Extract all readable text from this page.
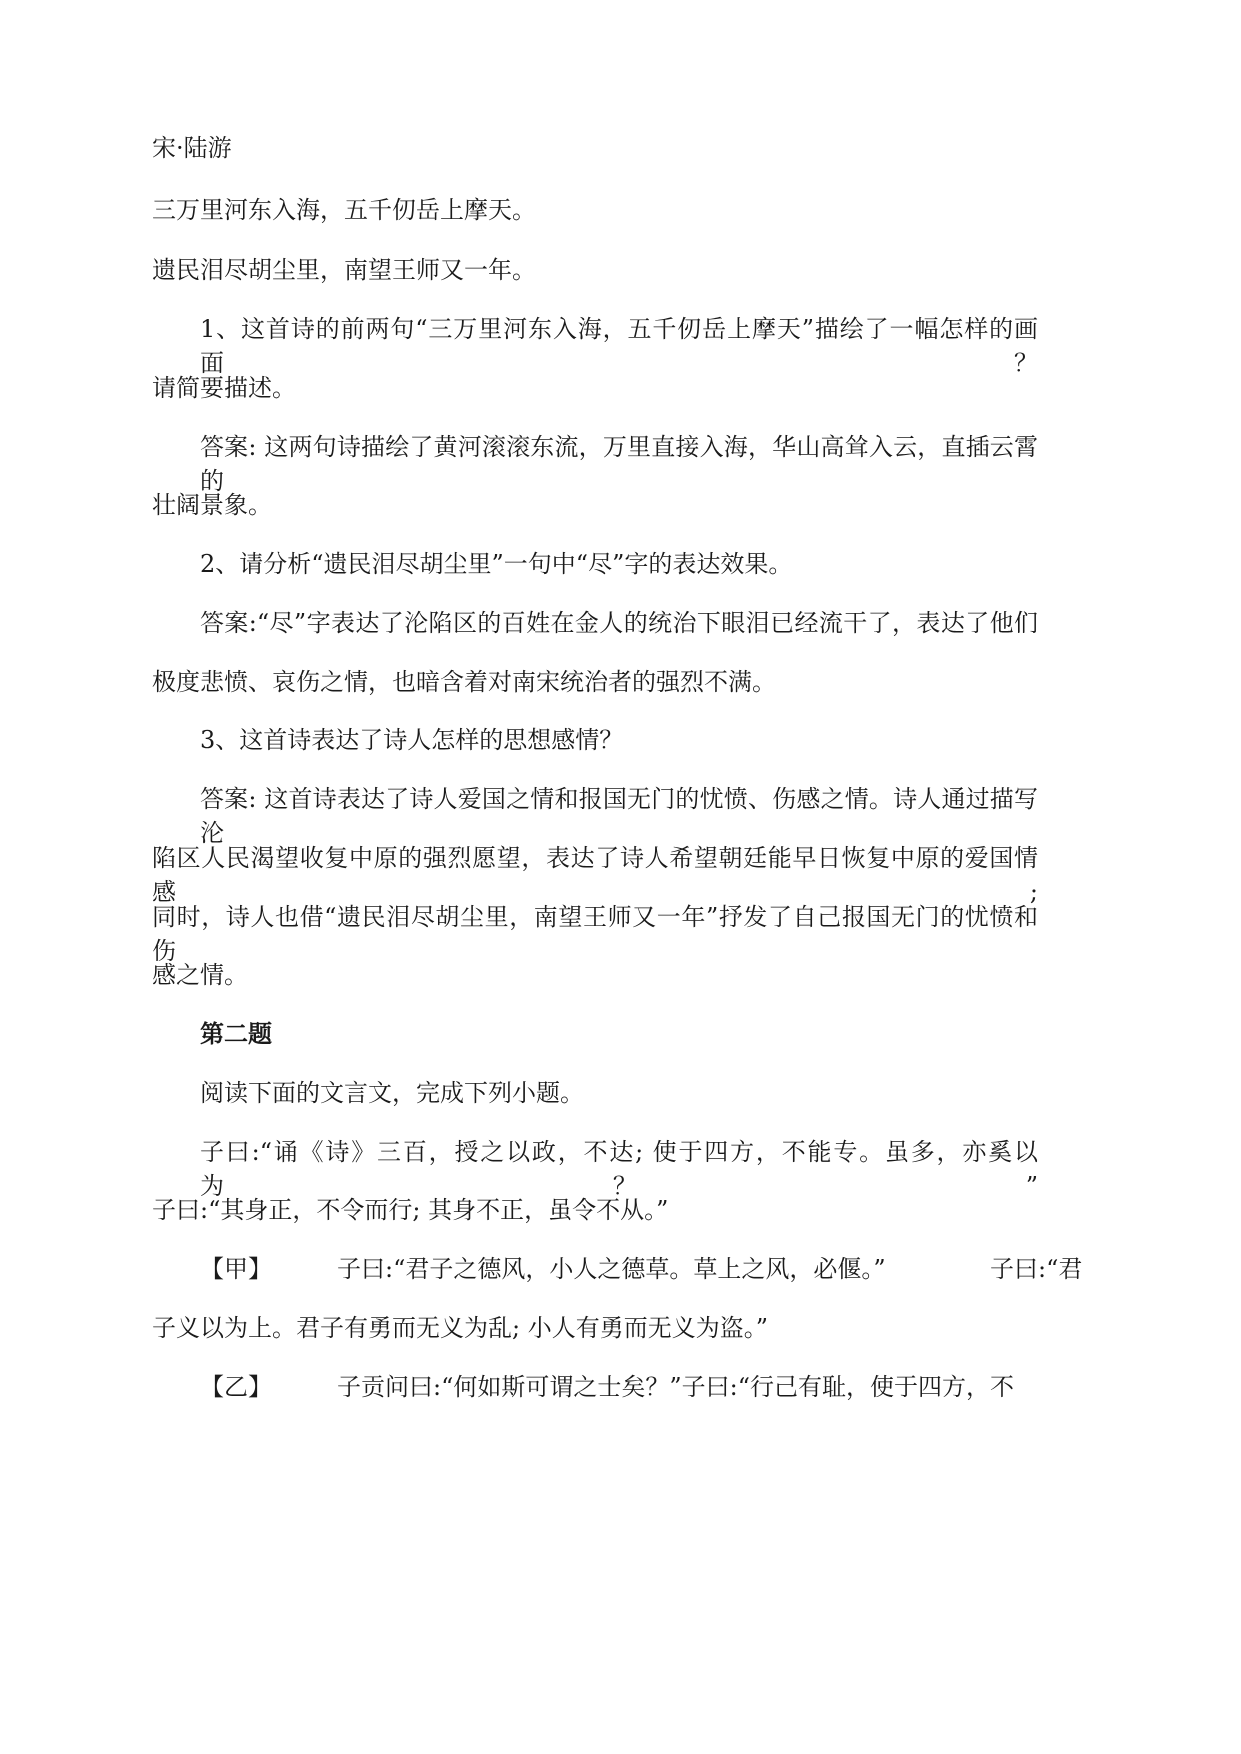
宋·陆游
三万里河东入海，五千仞岳上摩天。
遗民泪尽胡尘里，南望王师又一年。
1、这首诗的前两句“三万里河东入海，五千仞岳上摩天”描绘了一幅怎样的画面？
请简要描述。
答案: 这两句诗描绘了黄河滚滚东流，万里直接入海，华山高耸入云，直插云霄的
壮阔景象。
2、请分析“遗民泪尽胡尘里”一句中“尽”字的表达效果。
答案:“尽”字表达了沦陷区的百姓在金人的统治下眼泪已经流干了，表达了他们
极度悲愤、哀伤之情，也暗含着对南宋统治者的强烈不满。
3、这首诗表达了诗人怎样的思想感情？
答案: 这首诗表达了诗人爱国之情和报国无门的忧愤、伤感之情。诗人通过描写沦
陷区人民渴望收复中原的强烈愿望，表达了诗人希望朝廷能早日恢复中原的爱国情感;
同时，诗人也借“遗民泪尽胡尘里，南望王师又一年”抒发了自己报国无门的忧愤和伤
感之情。
第二题
阅读下面的文言文，完成下列小题。
子曰:“诵《诗》三百，授之以政，不达; 使于四方，不能专。虽多，亦奚以为？”
子曰:“其身正，不令而行; 其身不正，虽令不从。”
【甲】	子曰:“君子之德风，小人之德草。草上之风，必偃。”	子曰:“君
子义以为上。君子有勇而无义为乱; 小人有勇而无义为盗。”
【乙】	子贡问曰:“何如斯可谓之士矣？”子曰:“行己有耻，使于四方，不
